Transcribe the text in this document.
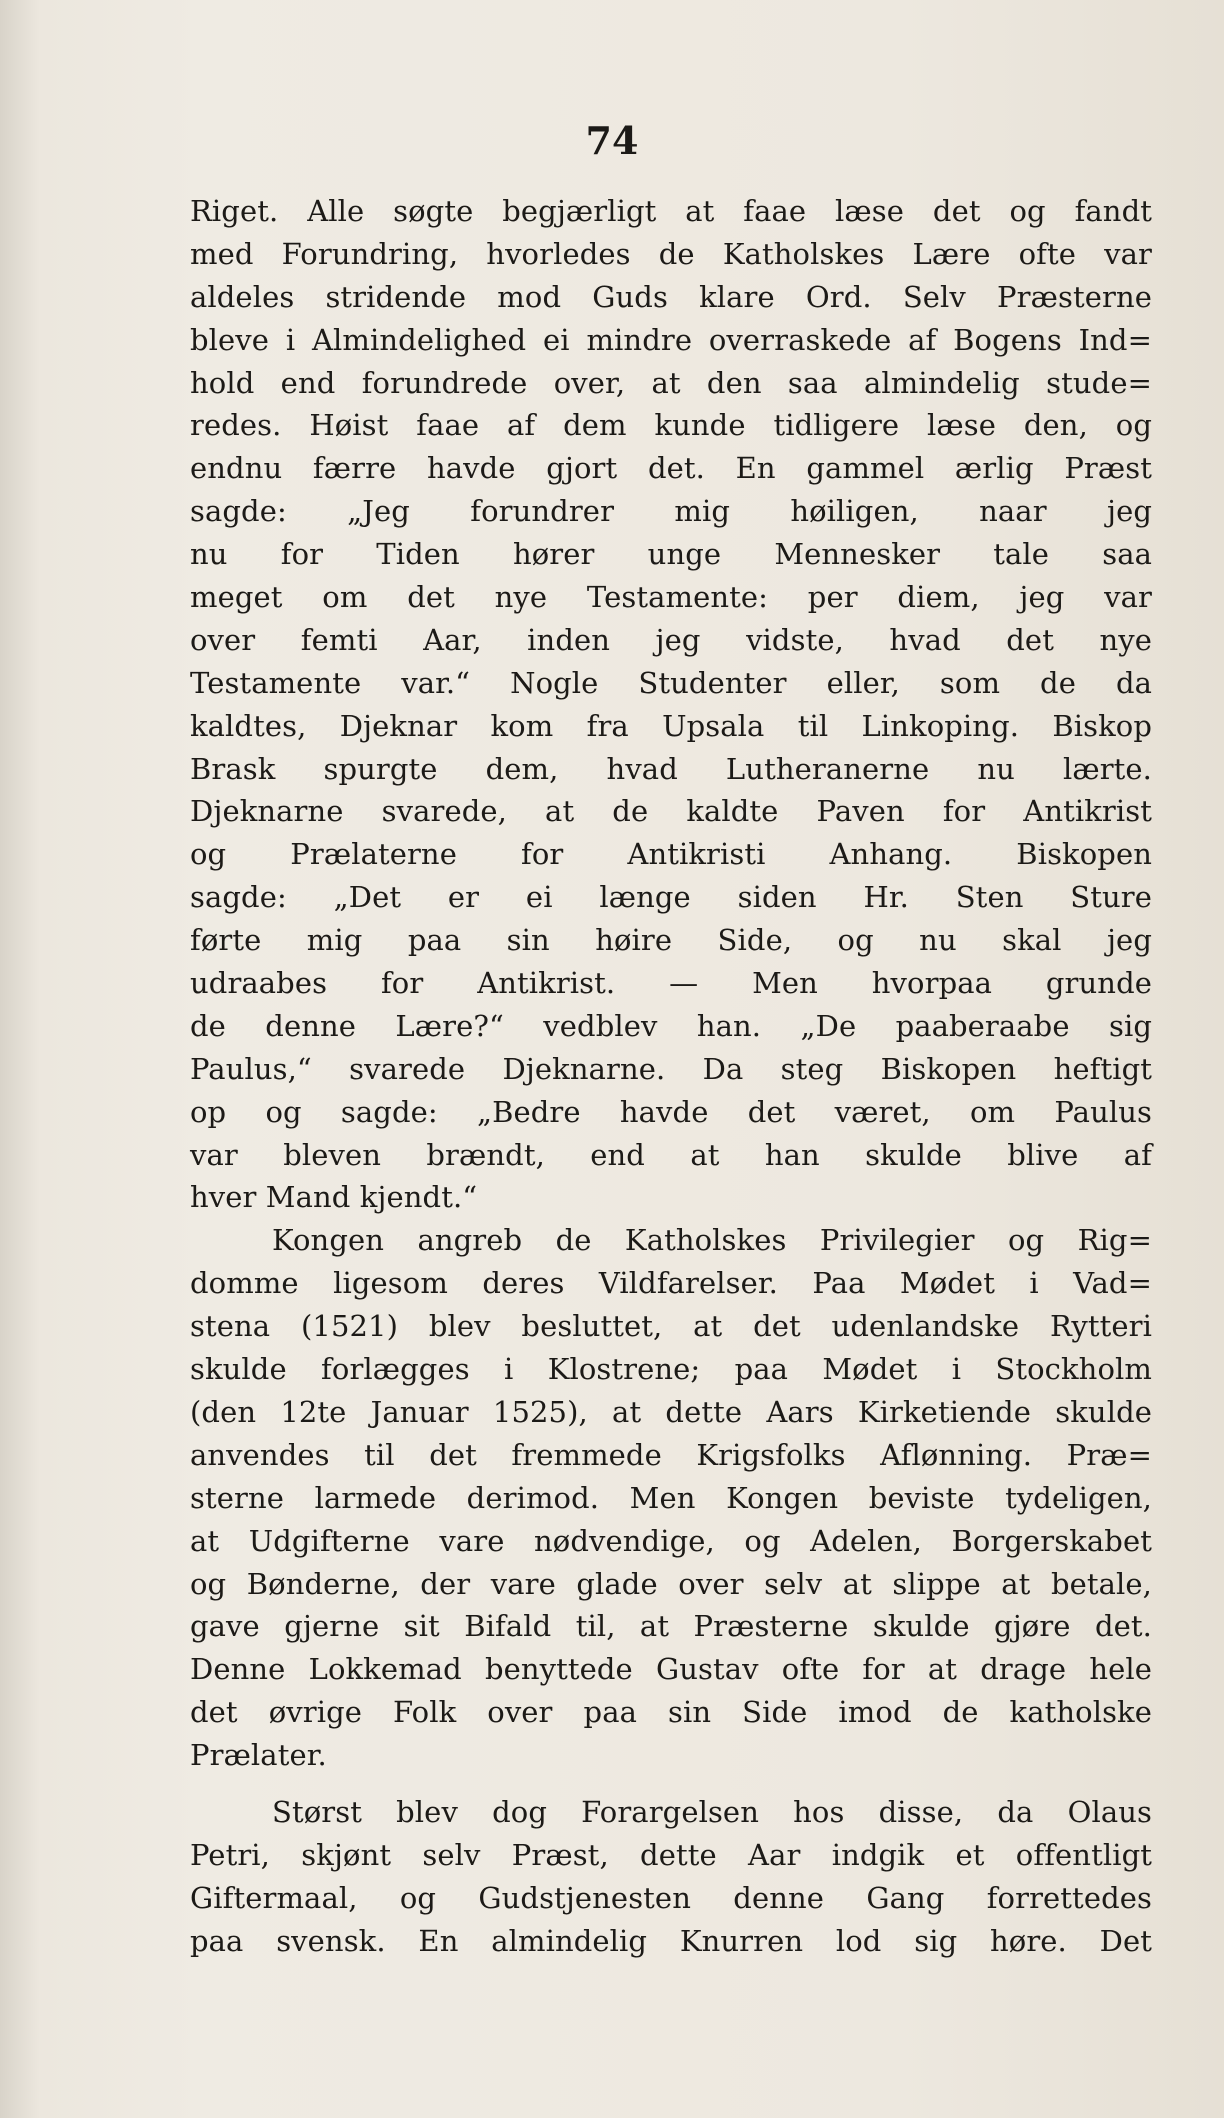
74
Riget. Alle søgte begjærligt at faae læse det og fandt
med Forundring, hvorledes de Katholskes Lære ofte var
aldeles stridende mod Guds klare Ord. Selv Præsterne
bleve i Almindelighed ei mindre overraskede af Bogens Ind=
hold end forundrede over, at den saa almindelig stude=
redes. Høist faae af dem kunde tidligere læse den, og
endnu færre havde gjort det. En gammel ærlig Præst
sagde: „Jeg forundrer mig høiligen, naar jeg
nu for Tiden hører unge Mennesker tale saa
meget om det nye Testamente: per diem, jeg var
over femti Aar, inden jeg vidste, hvad det nye
Testamente var.“ Nogle Studenter eller, som de da
kaldtes, Djeknar kom fra Upsala til Linkoping. Biskop
Brask spurgte dem, hvad Lutheranerne nu lærte.
Djeknarne svarede, at de kaldte Paven for Antikrist
og Prælaterne for Antikristi Anhang. Biskopen
sagde: „Det er ei længe siden Hr. Sten Sture
førte mig paa sin høire Side, og nu skal jeg
udraabes for Antikrist. — Men hvorpaa grunde
de denne Lære?“ vedblev han. „De paaberaabe sig
Paulus,“ svarede Djeknarne. Da steg Biskopen heftigt
op og sagde: „Bedre havde det været, om Paulus
var bleven brændt, end at han skulde blive af
hver Mand kjendt.“
Kongen angreb de Katholskes Privilegier og Rig=
domme ligesom deres Vildfarelser. Paa Mødet i Vad=
stena (1521) blev besluttet, at det udenlandske Rytteri
skulde forlægges i Klostrene; paa Mødet i Stockholm
(den 12te Januar 1525), at dette Aars Kirketiende skulde
anvendes til det fremmede Krigsfolks Aflønning. Præ=
sterne larmede derimod. Men Kongen beviste tydeligen,
at Udgifterne vare nødvendige, og Adelen, Borgerskabet
og Bønderne, der vare glade over selv at slippe at betale,
gave gjerne sit Bifald til, at Præsterne skulde gjøre det.
Denne Lokkemad benyttede Gustav ofte for at drage hele
det øvrige Folk over paa sin Side imod de katholske
Prælater.
Størst blev dog Forargelsen hos disse, da Olaus
Petri, skjønt selv Præst, dette Aar indgik et offentligt
Giftermaal, og Gudstjenesten denne Gang forrettedes
paa svensk. En almindelig Knurren lod sig høre. Det
